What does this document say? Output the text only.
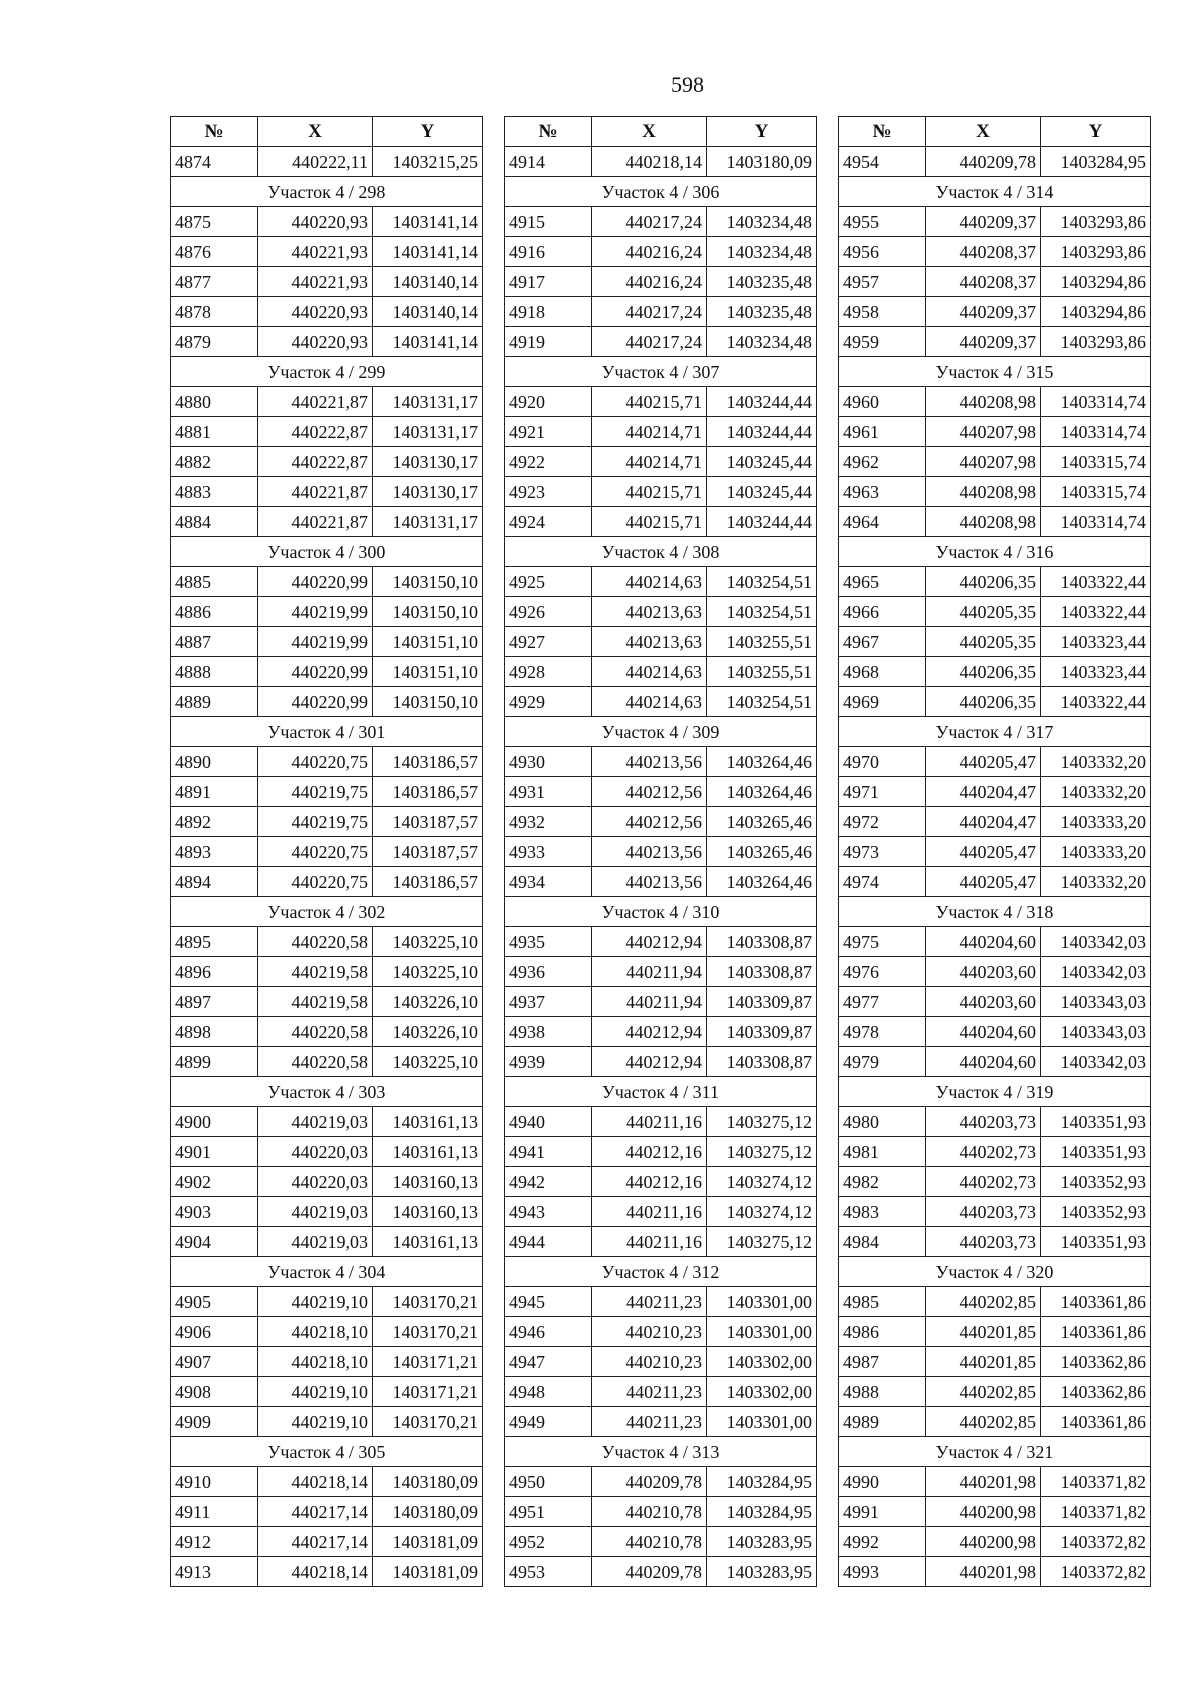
598
№	X	Y
4874	440222,11	1403215,25
Участок 4 / 298		
4875	440220,93	1403141,14
4876	440221,93	1403141,14
4877	440221,93	1403140,14
4878	440220,93	1403140,14
4879	440220,93	1403141,14
Участок 4 / 299		
4880	440221,87	1403131,17
4881	440222,87	1403131,17
4882	440222,87	1403130,17
4883	440221,87	1403130,17
4884	440221,87	1403131,17
Участок 4 / 300		
4885	440220,99	1403150,10
4886	440219,99	1403150,10
4887	440219,99	1403151,10
4888	440220,99	1403151,10
4889	440220,99	1403150,10
Участок 4 / 301		
4890	440220,75	1403186,57
4891	440219,75	1403186,57
4892	440219,75	1403187,57
4893	440220,75	1403187,57
4894	440220,75	1403186,57
Участок 4 / 302		
4895	440220,58	1403225,10
4896	440219,58	1403225,10
4897	440219,58	1403226,10
4898	440220,58	1403226,10
4899	440220,58	1403225,10
Участок 4 / 303		
4900	440219,03	1403161,13
4901	440220,03	1403161,13
4902	440220,03	1403160,13
4903	440219,03	1403160,13
4904	440219,03	1403161,13
Участок 4 / 304		
4905	440219,10	1403170,21
4906	440218,10	1403170,21
4907	440218,10	1403171,21
4908	440219,10	1403171,21
4909	440219,10	1403170,21
Участок 4 / 305		
4910	440218,14	1403180,09
4911	440217,14	1403180,09
4912	440217,14	1403181,09
4913	440218,14	1403181,09
№	X	Y
4914	440218,14	1403180,09
Участок 4 / 306		
4915	440217,24	1403234,48
4916	440216,24	1403234,48
4917	440216,24	1403235,48
4918	440217,24	1403235,48
4919	440217,24	1403234,48
Участок 4 / 307		
4920	440215,71	1403244,44
4921	440214,71	1403244,44
4922	440214,71	1403245,44
4923	440215,71	1403245,44
4924	440215,71	1403244,44
Участок 4 / 308		
4925	440214,63	1403254,51
4926	440213,63	1403254,51
4927	440213,63	1403255,51
4928	440214,63	1403255,51
4929	440214,63	1403254,51
Участок 4 / 309		
4930	440213,56	1403264,46
4931	440212,56	1403264,46
4932	440212,56	1403265,46
4933	440213,56	1403265,46
4934	440213,56	1403264,46
Участок 4 / 310		
4935	440212,94	1403308,87
4936	440211,94	1403308,87
4937	440211,94	1403309,87
4938	440212,94	1403309,87
4939	440212,94	1403308,87
Участок 4 / 311		
4940	440211,16	1403275,12
4941	440212,16	1403275,12
4942	440212,16	1403274,12
4943	440211,16	1403274,12
4944	440211,16	1403275,12
Участок 4 / 312		
4945	440211,23	1403301,00
4946	440210,23	1403301,00
4947	440210,23	1403302,00
4948	440211,23	1403302,00
4949	440211,23	1403301,00
Участок 4 / 313		
4950	440209,78	1403284,95
4951	440210,78	1403284,95
4952	440210,78	1403283,95
4953	440209,78	1403283,95
№	X	Y
4954	440209,78	1403284,95
Участок 4 / 314		
4955	440209,37	1403293,86
4956	440208,37	1403293,86
4957	440208,37	1403294,86
4958	440209,37	1403294,86
4959	440209,37	1403293,86
Участок 4 / 315		
4960	440208,98	1403314,74
4961	440207,98	1403314,74
4962	440207,98	1403315,74
4963	440208,98	1403315,74
4964	440208,98	1403314,74
Участок 4 / 316		
4965	440206,35	1403322,44
4966	440205,35	1403322,44
4967	440205,35	1403323,44
4968	440206,35	1403323,44
4969	440206,35	1403322,44
Участок 4 / 317		
4970	440205,47	1403332,20
4971	440204,47	1403332,20
4972	440204,47	1403333,20
4973	440205,47	1403333,20
4974	440205,47	1403332,20
Участок 4 / 318		
4975	440204,60	1403342,03
4976	440203,60	1403342,03
4977	440203,60	1403343,03
4978	440204,60	1403343,03
4979	440204,60	1403342,03
Участок 4 / 319		
4980	440203,73	1403351,93
4981	440202,73	1403351,93
4982	440202,73	1403352,93
4983	440203,73	1403352,93
4984	440203,73	1403351,93
Участок 4 / 320		
4985	440202,85	1403361,86
4986	440201,85	1403361,86
4987	440201,85	1403362,86
4988	440202,85	1403362,86
4989	440202,85	1403361,86
Участок 4 / 321		
4990	440201,98	1403371,82
4991	440200,98	1403371,82
4992	440200,98	1403372,82
4993	440201,98	1403372,82
